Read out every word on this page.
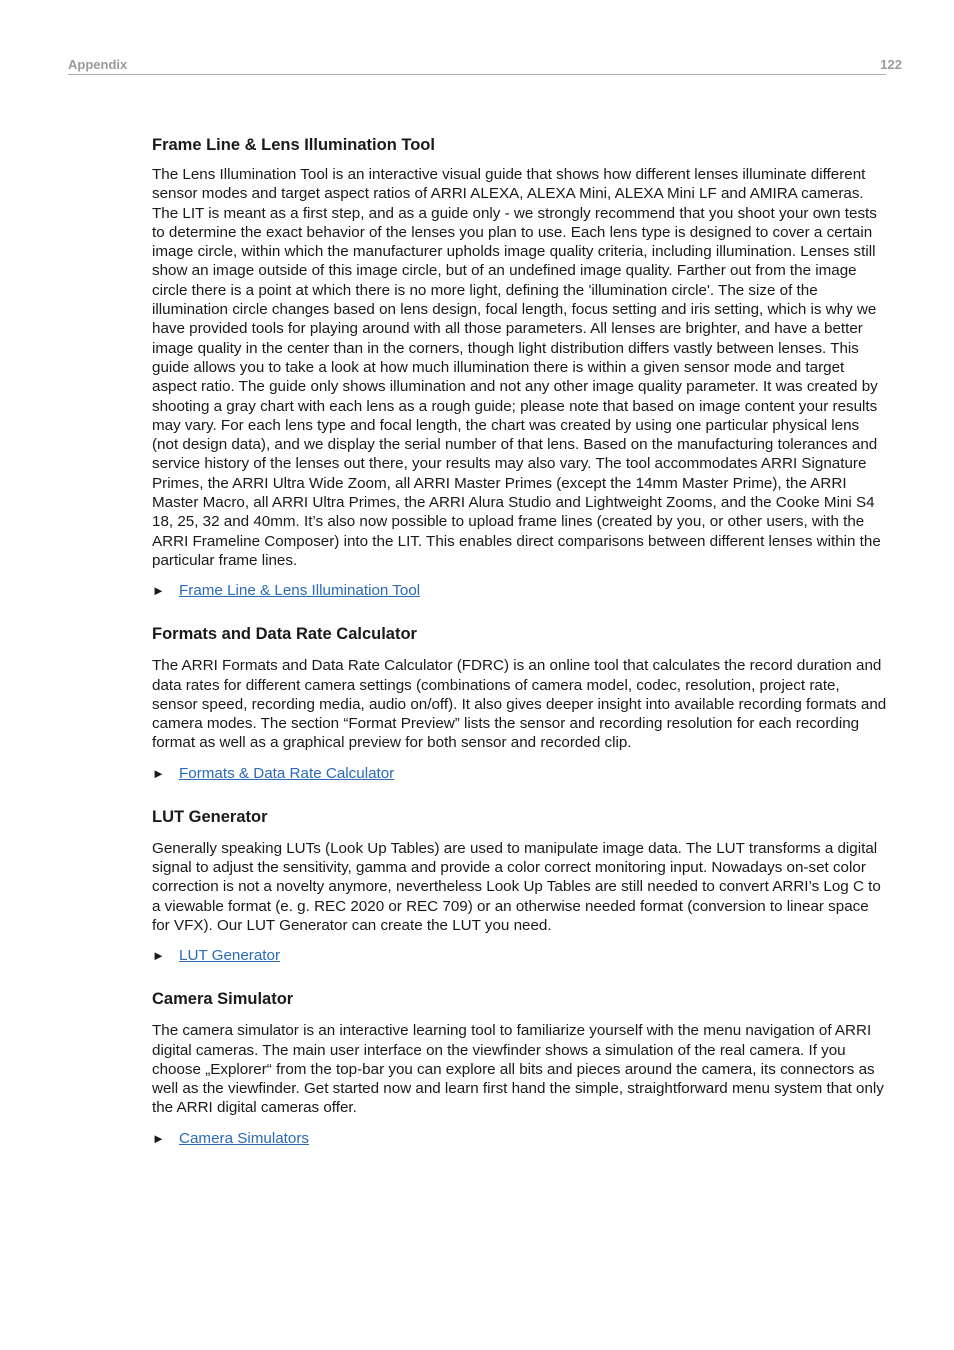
Appendix	122
Frame Line & Lens Illumination Tool

The Lens Illumination Tool is an interactive visual guide that shows how different lenses illuminate different sensor modes and target aspect ratios of ARRI ALEXA, ALEXA Mini, ALEXA Mini LF and AMIRA cameras. The LIT is meant as a first step, and as a guide only - we strongly recommend that you shoot your own tests to determine the exact behavior of the lenses you plan to use. Each lens type is designed to cover a certain image circle, within which the manufacturer upholds image quality criteria, including illumination. Lenses still show an image outside of this image circle, but of an undefined image quality. Farther out from the image circle there is a point at which there is no more light, defining the 'illumination circle'. The size of the illumination circle changes based on lens design, focal length, focus setting and iris setting, which is why we have provided tools for playing around with all those parameters. All lenses are brighter, and have a better image quality in the center than in the corners, though light distribution differs vastly between lenses. This guide allows you to take a look at how much illumination there is within a given sensor mode and target aspect ratio. The guide only shows illumination and not any other image quality parameter. It was created by shooting a gray chart with each lens as a rough guide; please note that based on image content your results may vary. For each lens type and focal length, the chart was created by using one particular physical lens (not design data), and we display the serial number of that lens. Based on the manufacturing tolerances and service history of the lenses out there, your results may also vary. The tool accommodates ARRI Signature Primes, the ARRI Ultra Wide Zoom, all ARRI Master Primes (except the 14mm Master Prime), the ARRI Master Macro, all ARRI Ultra Primes, the ARRI Alura Studio and Lightweight Zooms, and the Cooke Mini S4 18, 25, 32 and 40mm. It’s also now possible to upload frame lines (created by you, or other users, with the ARRI Frameline Composer) into the LIT. This enables direct comparisons between different lenses within the particular frame lines.

► Frame Line & Lens Illumination Tool
Formats and Data Rate Calculator

The ARRI Formats and Data Rate Calculator (FDRC) is an online tool that calculates the record duration and data rates for different camera settings (combinations of camera model, codec, resolution, project rate, sensor speed, recording media, audio on/off). It also gives deeper insight into available recording formats and camera modes. The section “Format Preview” lists the sensor and recording resolution for each recording format as well as a graphical preview for both sensor and recorded clip.

► Formats & Data Rate Calculator
LUT Generator

Generally speaking LUTs (Look Up Tables) are used to manipulate image data. The LUT transforms a digital signal to adjust the sensitivity, gamma and provide a color correct monitoring input. Nowadays on-set color correction is not a novelty anymore, nevertheless Look Up Tables are still needed to convert ARRI’s Log C to a viewable format (e. g. REC 2020 or REC 709) or an otherwise needed format (conversion to linear space for VFX). Our LUT Generator can create the LUT you need.

► LUT Generator
Camera Simulator

The camera simulator is an interactive learning tool to familiarize yourself with the menu navigation of ARRI digital cameras. The main user interface on the viewfinder shows a simulation of the real camera. If you choose „Explorer“ from the top-bar you can explore all bits and pieces around the camera, its connectors as well as the viewfinder. Get started now and learn first hand the simple, straightforward menu system that only the ARRI digital cameras offer.

► Camera Simulators
